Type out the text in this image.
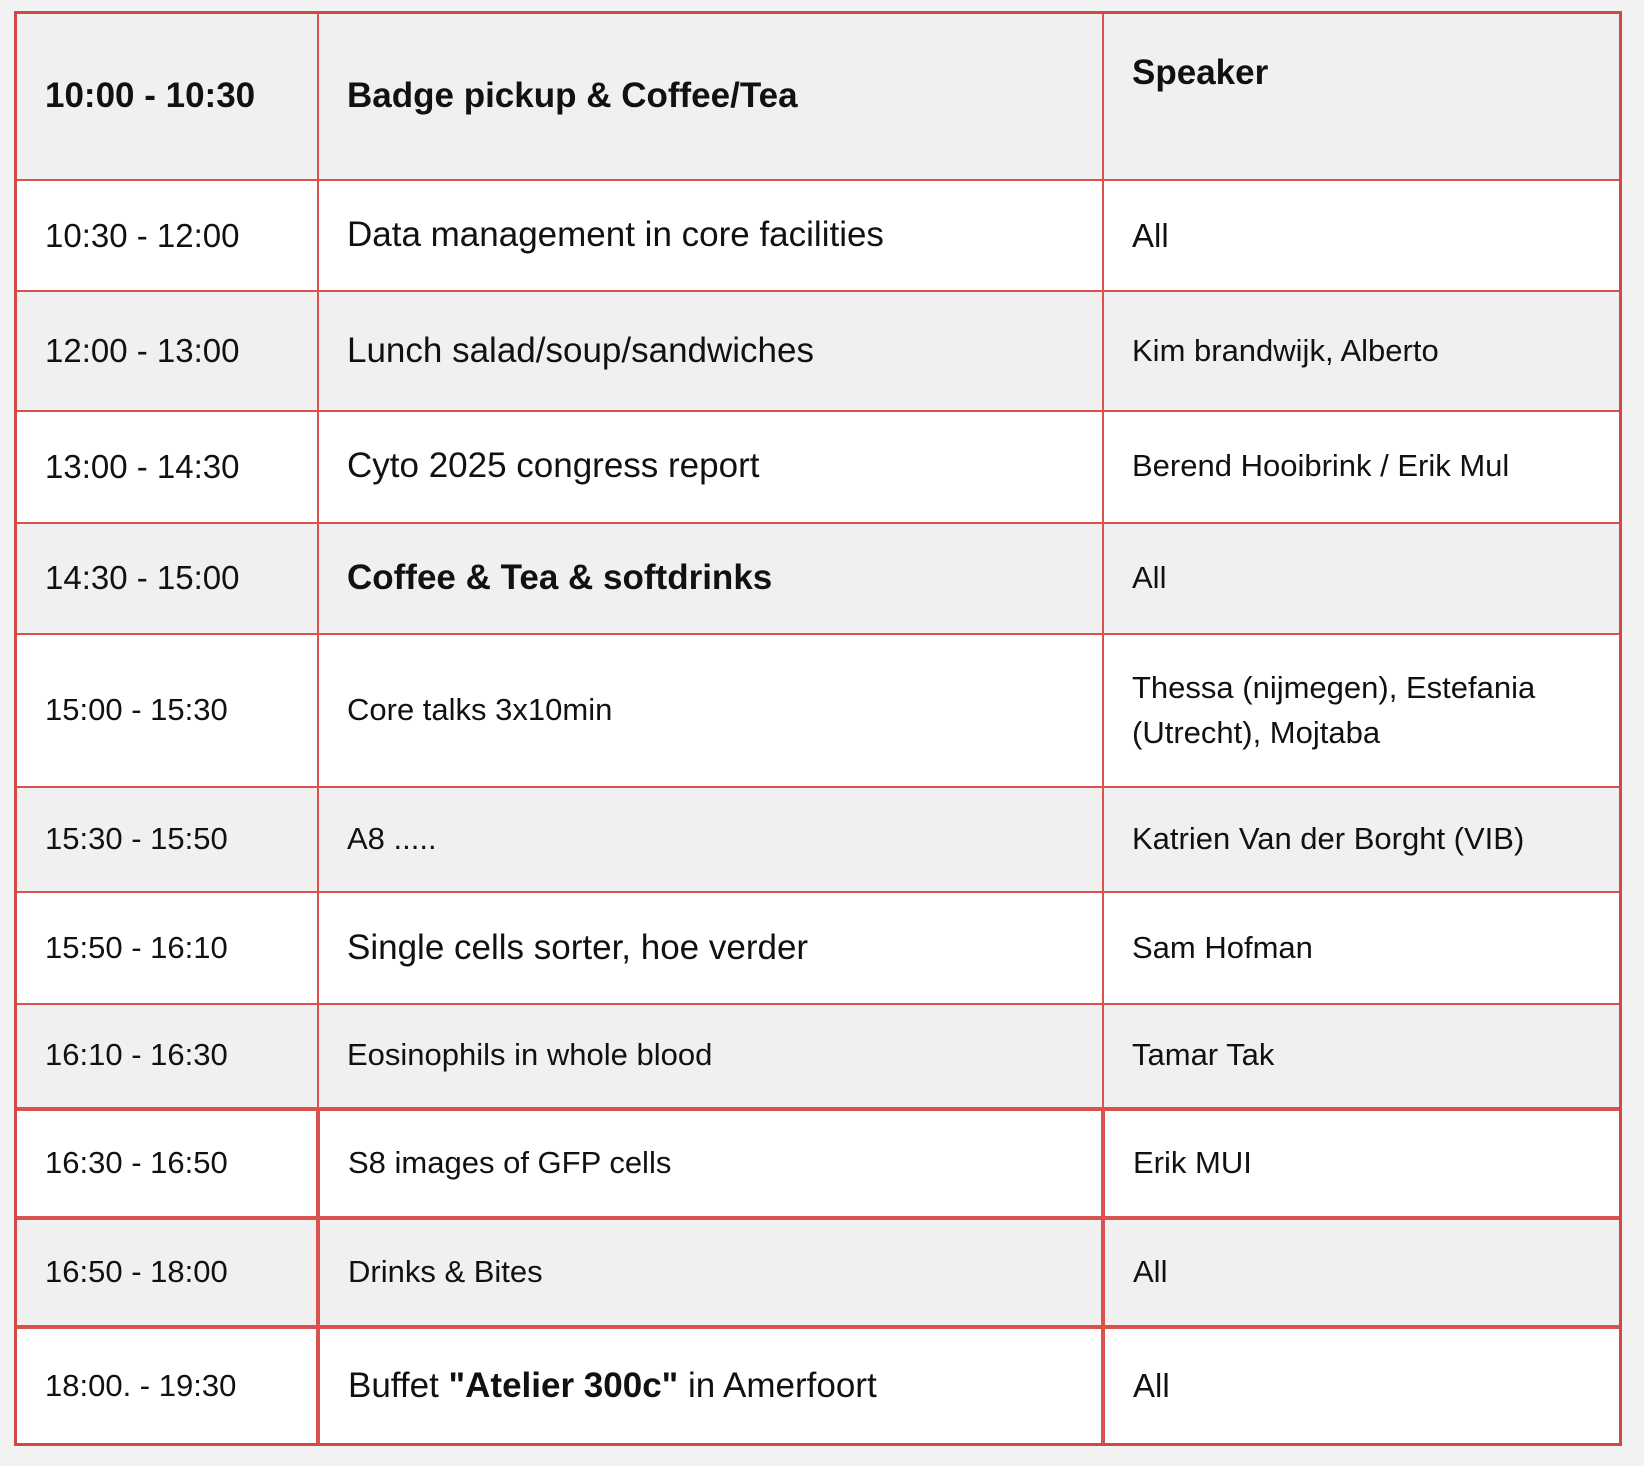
10:00 - 10:30	Badge pickup & Coffee/Tea	Speaker
10:30 - 12:00	Data management in core facilities	All
12:00 - 13:00	Lunch salad/soup/sandwiches	Kim brandwijk, Alberto
13:00 - 14:30	Cyto 2025 congress report	Berend Hooibrink / Erik Mul
14:30 - 15:00	Coffee & Tea & softdrinks	All
15:00 - 15:30	Core talks 3x10min	Thessa (nijmegen), Estefania (Utrecht), Mojtaba
15:30 - 15:50	A8 .....	Katrien Van der Borght (VIB)
15:50 - 16:10	Single cells sorter, hoe verder	Sam Hofman
16:10 - 16:30	Eosinophils in whole blood	Tamar Tak
16:30 - 16:50	S8 images of GFP cells	Erik MUI
16:50 - 18:00	Drinks & Bites	All
18:00. - 19:30	Buffet "Atelier 300c" in Amerfoort	All
